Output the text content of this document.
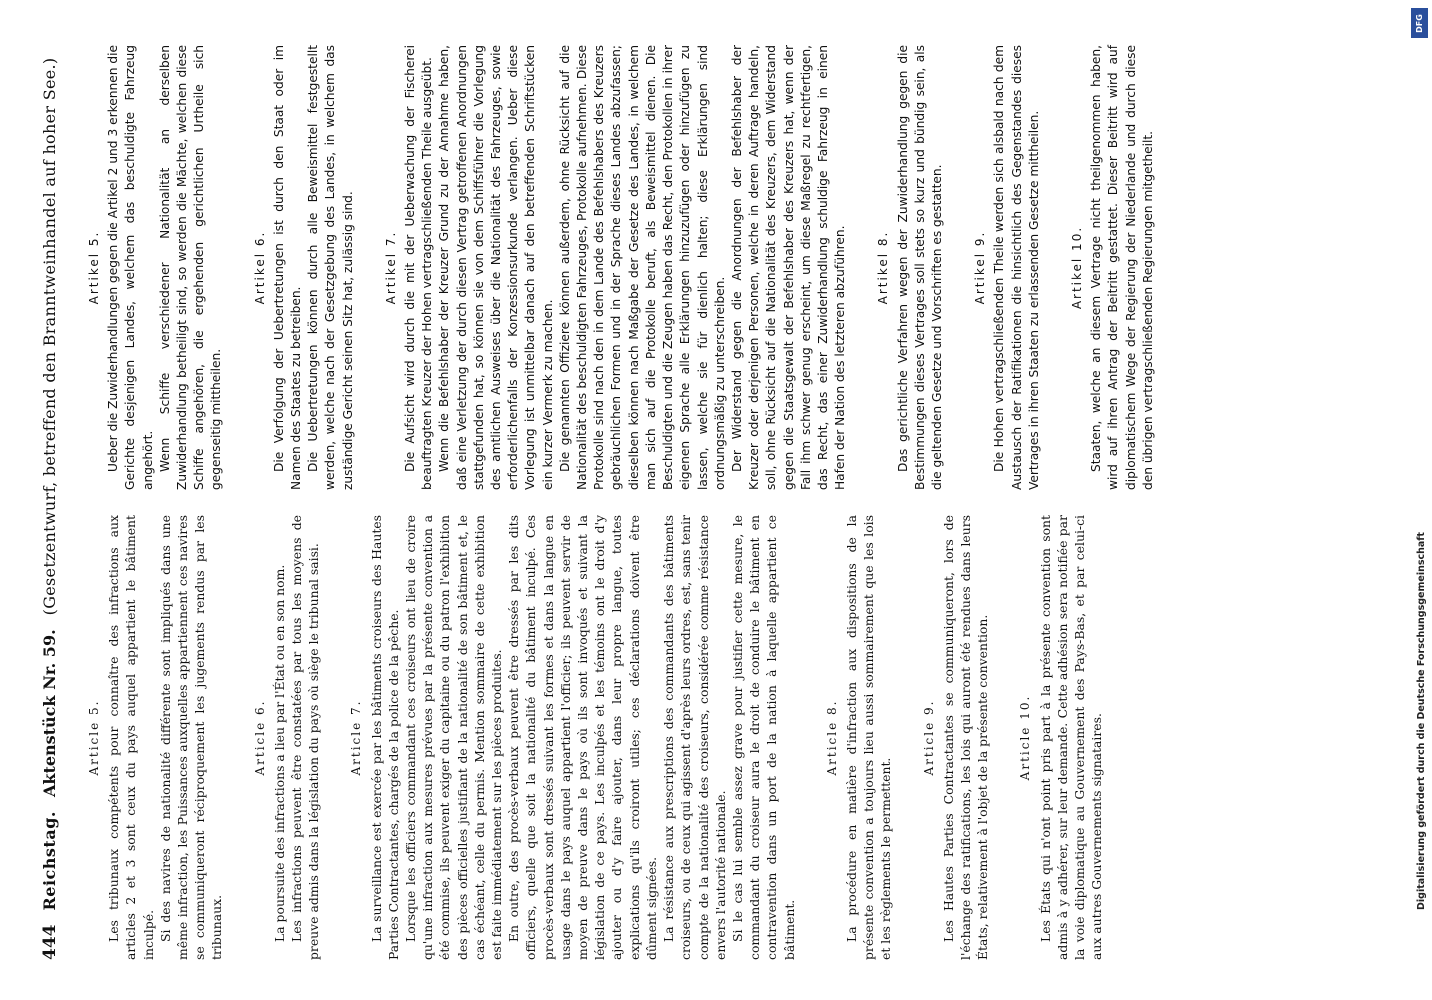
444
Reichstag.
Aktenstück Nr. 59.
(Gesetzentwurf, betreffend den Branntweinhandel auf hoher See.)
Article 5. Les tribunaux compétents pour connaître des infractions aux articles 2 et 3 sont ceux du pays auquel appartient le bâtiment inculpé. Si des navires de nationalité différente sont impliqués dans une même infraction, les Puissances auxquelles appartiennent ces navires se communiqueront réciproquement les jugements rendus par les tribunaux.

Article 6. La poursuite des infractions a lieu par l'État ou en son nom. Les infractions peuvent être constatées par tous les moyens de preuve admis dans la législation du pays où siège le tribunal saisi. Article 7. La surveillance est exercée par les bâtiments croiseurs des Hautes Parties Contractantes, chargés de la police de la pêche. Lorsque les officiers commandant ces croiseurs ont lieu de croire qu'une infraction aux mesures prévues par la présente convention a été commise, ils peuvent exiger du capitaine ou du patron l'exhibition des pièces officielles justifiant de la nationalité de son bâtiment et, le cas échéant, celle du permis. Mention sommaire de cette exhibition est faite immédiatement sur les pièces produites. En outre, des procès-verbaux peuvent être dressés par les dits officiers, quelle que soit la nationalité du bâtiment inculpé. Ces procès-verbaux sont dressés suivant les formes et dans la langue en usage dans le pays auquel appartient l'officier; ils peuvent servir de moyen de preuve dans le pays où ils sont invoqués et suivant la législation de ce pays. Les inculpés et les témoins ont le droit d'y ajouter ou d'y faire ajouter, dans leur propre langue, toutes explications qu'ils croiront utiles; ces déclarations doivent être dûment signées. La résistance aux prescriptions des commandants des bâtiments croiseurs, ou de ceux qui agissent d'après leurs ordres, est, sans tenir compte de la nationalité des croiseurs, considérée comme résistance envers l'autorité nationale. Si le cas lui semble assez grave pour justifier cette mesure, le commandant du croiseur aura le droit de conduire le bâtiment en contravention dans un port de la nation à laquelle appartient ce bâtiment.

Article 8. La procédure en matière d'infraction aux dispositions de la présente convention a toujours lieu aussi sommairement que les lois et les règlements le permettent.

Article 9. Les Hautes Parties Contractantes se communiqueront, lors de l'échange des ratifications, les lois qui auront été rendues dans leurs États, relativement à l'objet de la présente convention. Article 10. Les États qui n'ont point pris part à la présente convention sont admis à y adhérer, sur leur demande. Cette adhésion sera notifiée par la voie diplomatique au Gouvernement des Pays-Bas, et par celui-ci aux autres Gouvernements signataires.

Artikel 5. Ueber die Zuwiderhandlungen gegen die Artikel 2 und 3 erkennen die Gerichte desjenigen Landes, welchem das beschuldigte Fahrzeug angehört. Wenn Schiffe verschiedener Nationalität an derselben Zuwiderhandlung betheiligt sind, so werden die Mächte, welchen diese Schiffe angehören, die ergehenden gerichtlichen Urtheile sich gegenseitig mittheilen.

Artikel 6. Die Verfolgung der Uebertretungen ist durch den Staat oder im Namen des Staates zu betreiben. Die Uebertretungen können durch alle Beweismittel festgestellt werden, welche nach der Gesetzgebung des Landes, in welchem das zuständige Gericht seinen Sitz hat, zulässig sind. Artikel 7. Die Aufsicht wird durch die mit der Ueberwachung der Fischerei beauftragten Kreuzer der Hohen vertragschließenden Theile ausgeübt. Wenn die Befehlshaber der Kreuzer Grund zu der Annahme haben, daß eine Verletzung der durch diesen Vertrag getroffenen Anordnungen stattgefunden hat, so können sie von dem Schiffsführer die Vorlegung des amtlichen Ausweises über die Nationalität des Fahrzeuges, sowie erforderlichenfalls der Konzessionsurkunde verlangen. Ueber diese Vorlegung ist unmittelbar danach auf den betreffenden Schriftstücken ein kurzer Vermerk zu machen. Die genannten Offiziere können außerdem, ohne Rücksicht auf die Nationalität des beschuldigten Fahrzeuges, Protokolle aufnehmen. Diese Protokolle sind nach den in dem Lande des Befehlshabers des Kreuzers gebräuchlichen Formen und in der Sprache dieses Landes abzufassen; dieselben können nach Maßgabe der Gesetze des Landes, in welchem man sich auf die Protokolle beruft, als Beweismittel dienen. Die Beschuldigten und die Zeugen haben das Recht, den Protokollen in ihrer eigenen Sprache alle Erklärungen hinzuzufügen oder hinzufügen zu lassen, welche sie für dienlich halten; diese Erklärungen sind ordnungsmäßig zu unterschreiben. Der Widerstand gegen die Anordnungen der Befehlshaber der Kreuzer oder derjenigen Personen, welche in deren Auftrage handeln, soll, ohne Rücksicht auf die Nationalität des Kreuzers, dem Widerstand gegen die Staatsgewalt der Befehlshaber des Kreuzers hat, wenn der Fall ihm schwer genug erscheint, um diese Maßregel zu rechtfertigen, das Recht, das einer Zuwiderhandlung schuldige Fahrzeug in einen Hafen der Nation des letzteren abzuführen. Artikel 8. Das gerichtliche Verfahren wegen der Zuwiderhandlung gegen die Bestimmungen dieses Vertrages soll stets so kurz und bündig sein, als die geltenden Gesetze und Vorschriften es gestatten. Artikel 9. Die Hohen vertragschließenden Theile werden sich alsbald nach dem Austausch der Ratifikationen die hinsichtlich des Gegenstandes dieses Vertrages in ihren Staaten zu erlassenden Gesetze mittheilen. Artikel 10. Staaten, welche an diesem Vertrage nicht theilgenommen haben, wird auf ihren Antrag der Beitritt gestattet. Dieser Beitritt wird auf diplomatischem Wege der Regierung der Niederlande und durch diese den übrigen vertragschließenden Regierungen mitgetheilt.

DFG
Digitalisierung gefördert durch die Deutsche Forschungsgemeinschaft
